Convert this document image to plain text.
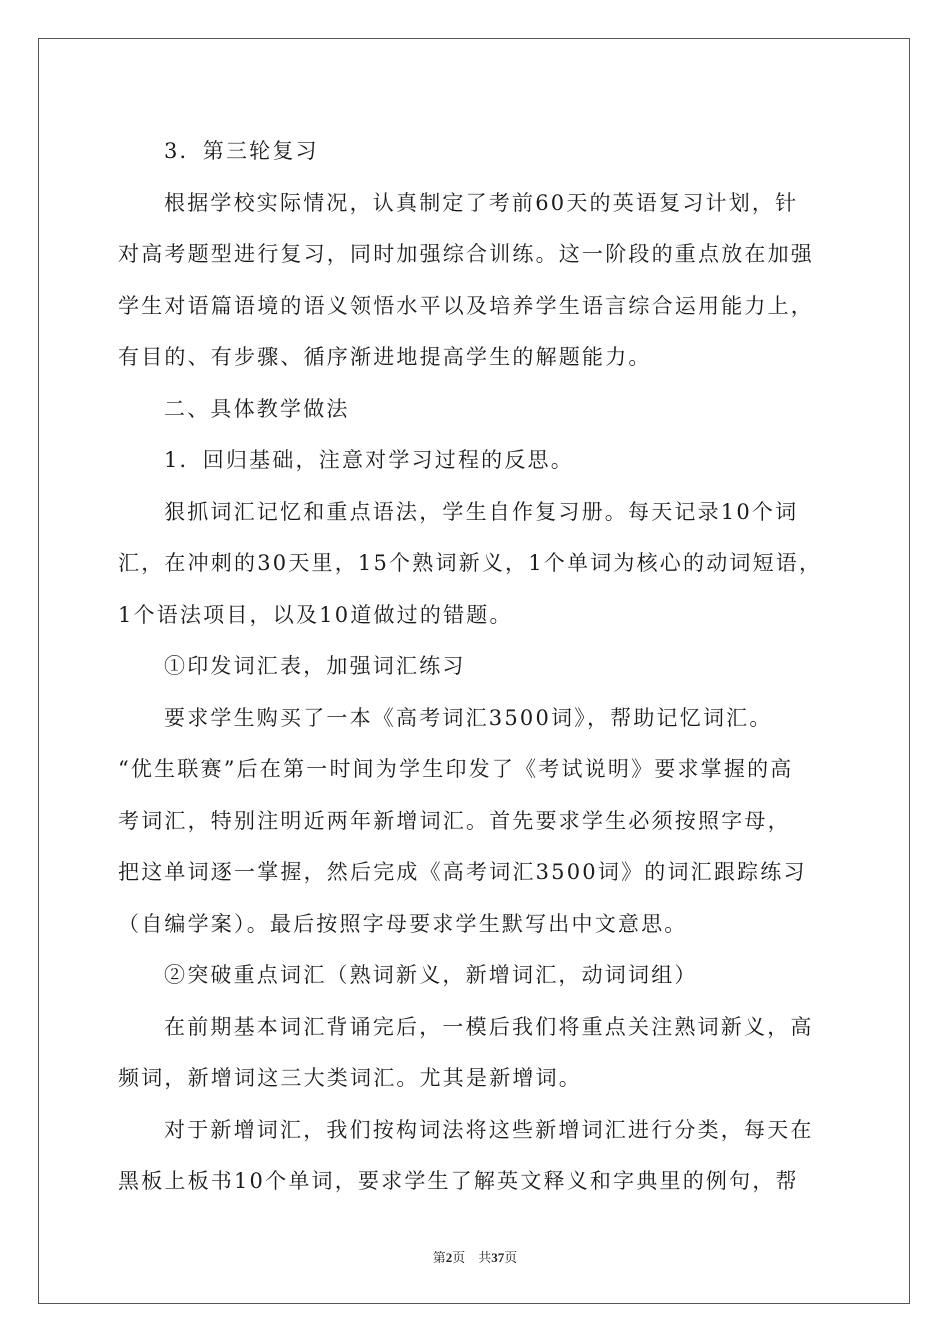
3．第三轮复习
根据学校实际情况，认真制定了考前60天的英语复习计划，针
对高考题型进行复习，同时加强综合训练。这一阶段的重点放在加强
学生对语篇语境的语义领悟水平以及培养学生语言综合运用能力上，
有目的、有步骤、循序渐进地提高学生的解题能力。
二、具体教学做法
1．回归基础，注意对学习过程的反思。
狠抓词汇记忆和重点语法，学生自作复习册。每天记录10个词
汇，在冲刺的30天里，15个熟词新义，1个单词为核心的动词短语，
1个语法项目，以及10道做过的错题。
①印发词汇表，加强词汇练习
要求学生购买了一本《高考词汇3500词》，帮助记忆词汇。
“优生联赛”后在第一时间为学生印发了《考试说明》要求掌握的高
考词汇，特别注明近两年新增词汇。首先要求学生必须按照字母，
把这单词逐一掌握，然后完成《高考词汇3500词》的词汇跟踪练习
（自编学案）。最后按照字母要求学生默写出中文意思。
②突破重点词汇（熟词新义，新增词汇，动词词组）
在前期基本词汇背诵完后，一模后我们将重点关注熟词新义，高
频词，新增词这三大类词汇。尤其是新增词。
对于新增词汇，我们按构词法将这些新增词汇进行分类，每天在
黑板上板书10个单词，要求学生了解英文释义和字典里的例句，帮
第2页　共37页
